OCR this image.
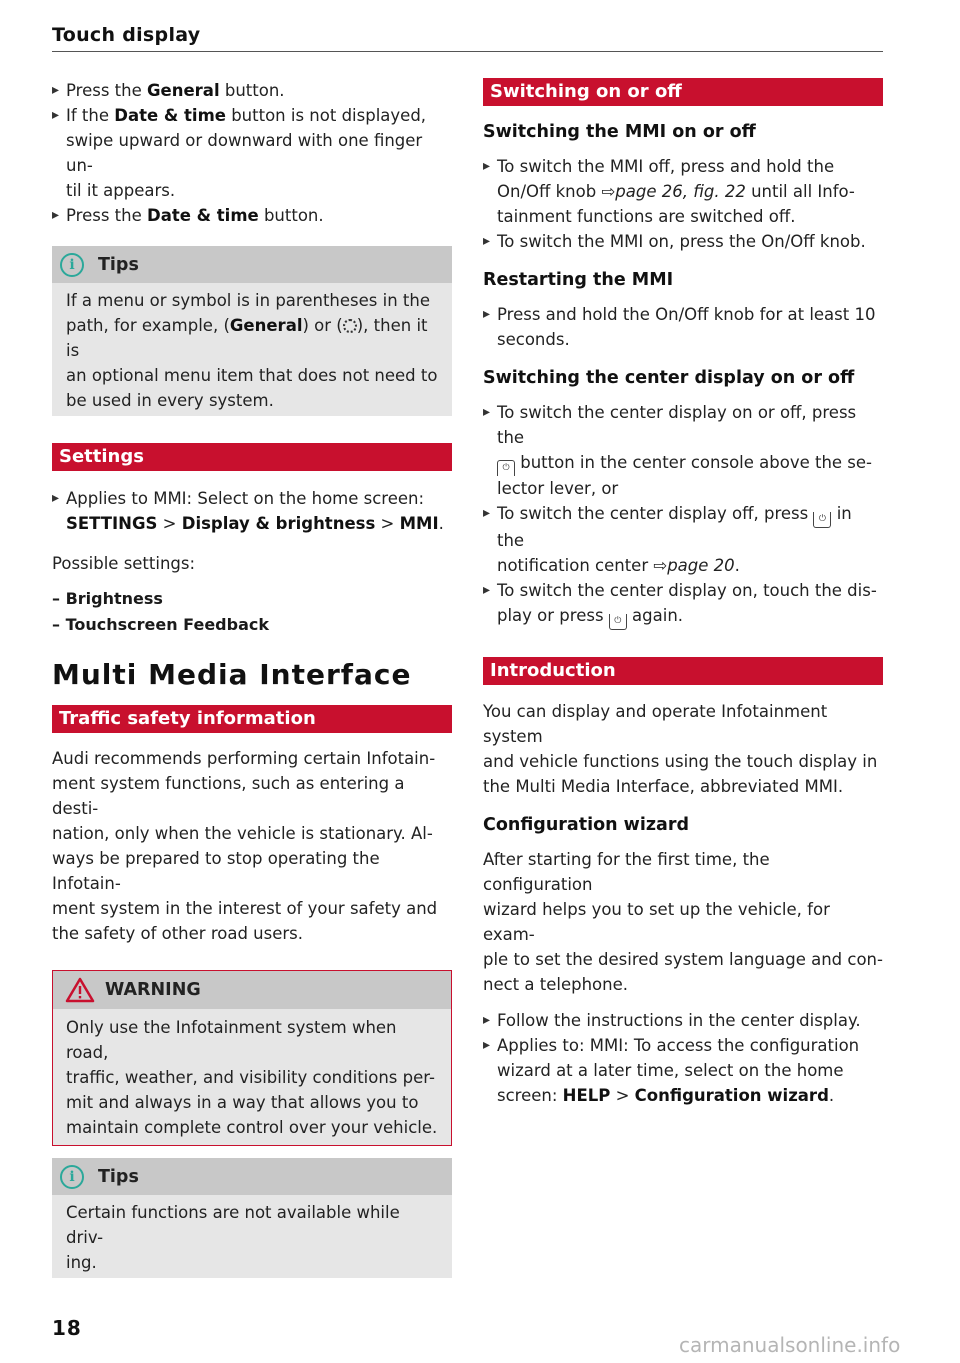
Touch display
▸ Press the General button.
▸ If the Date & time button is not displayed,
swipe upward or downward with one finger un-
til it appears.
▸ Press the Date & time button.
i	Tips
If a menu or symbol is in parentheses in the
path, for example, (General) or ( ), then it is
an optional menu item that does not need to
be used in every system.
Settings
▸ Applies to MMI: Select on the home screen:
SETTINGS > Display & brightness > MMI.
Possible settings:
– Brightness
– Touchscreen Feedback
Multi Media Interface
Traffic safety information
Audi recommends performing certain Infotain-
ment system functions, such as entering a desti-
nation, only when the vehicle is stationary. Al-
ways be prepared to stop operating the Infotain-
ment system in the interest of your safety and
the safety of other road users.
WARNING
Only use the Infotainment system when road,
traffic, weather, and visibility conditions per-
mit and always in a way that allows you to
maintain complete control over your vehicle.
i	Tips
Certain functions are not available while driv-
ing.
Switching on or off
Switching the MMI on or off
▸ To switch the MMI off, press and hold the
On/Off knob ⇨page 26, fig. 22 until all Info-
tainment functions are switched off.
▸ To switch the MMI on, press the On/Off knob.
Restarting the MMI
▸ Press and hold the On/Off knob for at least 10
seconds.
Switching the center display on or off
▸ To switch the center display on or off, press the
⏻ button in the center console above the se-
lector lever, or
▸ To switch the center display off, press ⏻ in the
notification center ⇨page 20.
▸ To switch the center display on, touch the dis-
play or press ⏻ again.
Introduction
You can display and operate Infotainment system
and vehicle functions using the touch display in
the Multi Media Interface, abbreviated MMI.
Configuration wizard
After starting for the first time, the configuration
wizard helps you to set up the vehicle, for exam-
ple to set the desired system language and con-
nect a telephone.
▸ Follow the instructions in the center display.
▸ Applies to: MMI: To access the configuration
wizard at a later time, select on the home
screen: HELP > Configuration wizard.
18
carmanualsonline.info
